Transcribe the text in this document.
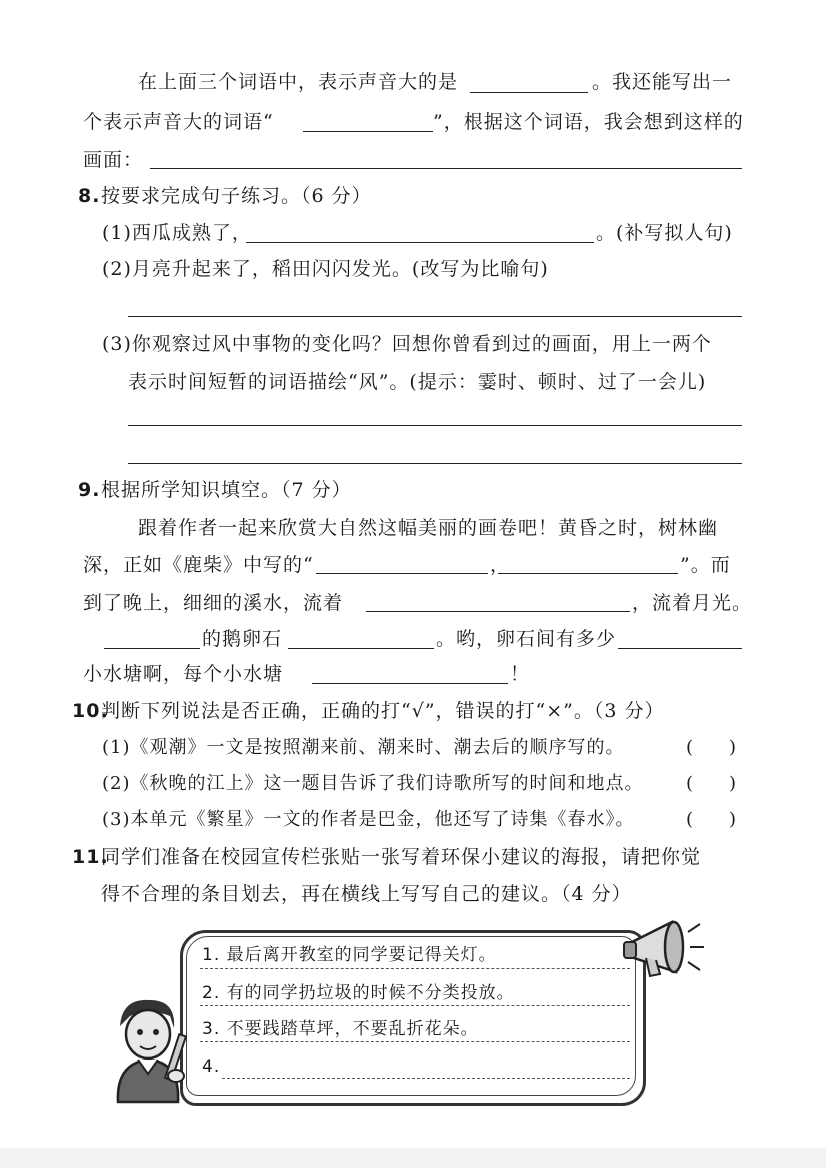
在上面三个词语中，表示声音大的是	。我还能写出一
个表示声音大的词语“	”，根据这个词语，我会想到这样的
画面：
8. 按要求完成句子练习。（6 分）
(1)西瓜成熟了，	。(补写拟人句)
(2)月亮升起来了，稻田闪闪发光。(改写为比喻句)
(3)你观察过风中事物的变化吗？回想你曾看到过的画面，用上一两个
表示时间短暂的词语描绘“风”。(提示：霎时、顿时、过了一会儿)
9. 根据所学知识填空。（7 分）
跟着作者一起来欣赏大自然这幅美丽的画卷吧！黄昏之时，树林幽
深，正如《鹿柴》中写的“	，	”。而
到了晚上，细细的溪水，流着	，流着月光。
的鹅卵石	。哟，卵石间有多少
小水塘啊，每个小水塘	！
10.
判断下列说法是否正确，正确的打“√”，错误的打“×”。（3 分）
(1)《观潮》一文是按照潮来前、潮来时、潮去后的顺序写的。	(　　)
(2)《秋晚的江上》这一题目告诉了我们诗歌所写的时间和地点。 (　　)
(3)本单元《繁星》一文的作者是巴金，他还写了诗集《春水》。	(　　)
11.
同学们准备在校园宣传栏张贴一张写着环保小建议的海报，请把你觉
得不合理的条目划去，再在横线上写写自己的建议。（4 分）
1. 最后离开教室的同学要记得关灯。
2. 有的同学扔垃圾的时候不分类投放。
3. 不要践踏草坪，不要乱折花朵。
4.
